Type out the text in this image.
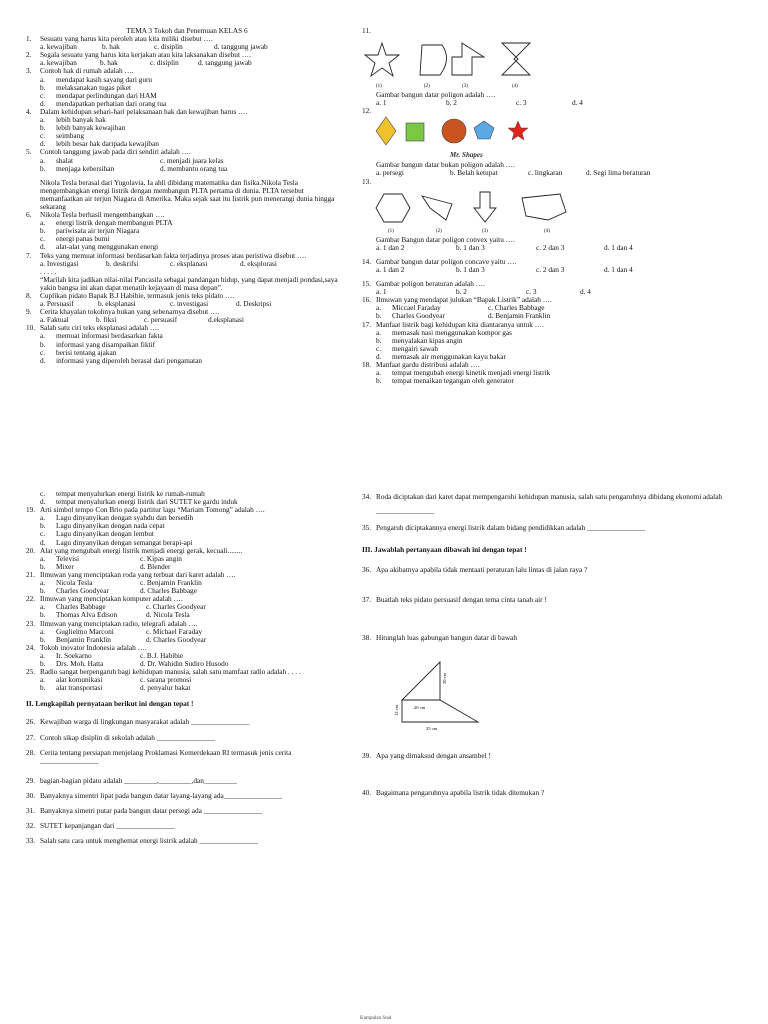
TEMA 3 Tokoh dan Penemuan KELAS 6
1.	Sesuatu yang harus kita peroleh atau kita miliki disebut ….
a. kewajiban	b. hak	c. disiplin	d. tanggung jawab
2.	Segala sesuatu yang harus kita kerjakan atau kita laksanakan disebut ….
a. kewajiban	b. hak	c. disiplin	d. tanggung jawab
3.	Contoh hak di rumah adalah ….
a.	mendapat kasih sayang dari guru
b.	melaksanakan tugas piket
c.	mendapat perlindungan dari HAM
d.	mendapatkan perhatian dari orang tua
4.	Dalam kehidupan sehari-hari pelaksanaan hak dan kewajiban harus ….
a.	lebih banyak hak
b.	lebih banyak kewajiban
c.	seimbang
d.	lebih besar hak daripada kewajiban
5.	Contoh tanggung jawab pada diri sendiri adalah ….
a.	shalat	c. menjadi juara kelas
b.	menjaga kebersihan	d. membantu orang tua
Nikola Tesla berasal dari Yugolavia, Ia ahli dibidang matematika dan fisika.Nikola Tesla mengembangkan energi listrik dengan membangun PLTA pertama di dunia. PLTA tersebut memanfaatkan air terjun Niagara di Amerika. Maka sejak saat itu listrik pun menerangi dunia hingga sekarang
6.	Nikola Tesla berhasil mengembangkan ….
a.	energi listrik dengan membangun PLTA
b.	pariwisata air terjun Niagara
c.	energi panas bumi
d.	alat-alat yang menggunakan energi
7.	Teks yang memuat informasi berdasarkan fakta terjadinya proses atau peristiwa disebut ….
a. Investigasi	b. deskrifsi	c. eksplanasi	d. eksplorasi
. . . . .
“Marilah kita jadikan nilai-nilai Pancasila sebagai pandangan hidup, yang dapat menjadi pondasi,saya yakin bangsa ini akan dapat menatih kejayaan di masa depan”.
8.	Cuplikan pidato Bapak B.J Habibie, termasuk jenis teks pidato ….
a. Persuasif	b. eksplanasi	c. investigasi	d. Deskripsi
9.	Cerita khayalan tokohnya bukan yang sebenarnya disebut ….
a. Faktual	b. fiksi	c. persuasif	d.eksplanasi
10. Salah satu ciri teks eksplanasi adalah ….
a.	memuat informasi berdasarkan fakta
b.	informasi yang disampaikan fiktif
c.	berisi tentang ajakan
d.	informasi yang diperoleh berasal dari pengamatan
11.
(1)	(2)	(3)	(4)
Gambar bangun datar poligon adalah ….
a. 1	b. 2	c. 3	d. 4
12.
Mr. Shapes
Gambar bangun datar bukan poligon adalah ….
a. persegi	b. Belah ketupat	c. lingkaran	d. Segi lima beraturan
13.
(1)	(2)	(3)	(4)
Gambar Bangun datar poligon convex yaitu ….
a. 1 dan 2	b. 1 dan 3	c. 2 dan 3	d. 1 dan 4
14. Gambar bangun datar poligon concave yaitu ….
a. 1 dan 2	b. 1 dan 3	c. 2 dan 3	d. 1 dan 4
15. Gambar poligon beraturan adalah ….
a. 1	b. 2	c. 3	d. 4
16. Ilmuwan yang mendapat julukan “Bapak Listrik” adalah ….
a.	Miccael Faraday	c. Charles Babbage
b.	Charles Goodyear	d. Benjamin Franklin
17. Manfaat listrik bagi kehidupan kita diantaranya untuk ….
a.	memasak nasi menggunakan kompor gas
b.	menyalakan kipas angin
c.	mengairi sawah
d.	memasak air menggunakan kayu bakar
18. Manfaat gardu distribusi adalah ….
a.	tempat mengubah energi kinetik menjadi energi listrik
b.	tempat menaikan tegangan oleh generator
c.	tempat menyalurkan energi listrik ke rumah-rumah
d.	tempat menyalurkan energi listrik dari SUTET ke gardu induk
19. Arti simbol tempo Con Brio pada partitur lagu “Mariam Tomong” adalah ….
a.	Lagu dinyanyikan dengan syahdu dan bersedih
b.	Lagu dinyanyikan dengan nada cepat
c.	Lagu dinyanyikan dengan lembut
d.	Lagu dinyanyikan dengan semangat berapi-api
20. Alat yang mengubah energi listrik menjadi energi gerak, kecuali........
a.	Televisi	c. Kipas angin
b.	Mixer	d. Blender
21. Ilmuwan yang menciptakan roda yang terbuat dari karet adalah ….
a.	Nicola Tesla	c. Benjamin Franklin
b.	Charles Goodyear	d. Charles Babbage
22. Ilmuwan yang menciptakan komputer adalah ….
a.	Charles Babbage	c. Charles Goodyear
b.	Thomas Alva Edison	d. Nicola Tesla
23. Ilmuwan yang menciptakan radio, telegrafi adalah ….
a.	Guglielmo Marconi	c. Michael Faraday
b.	Benjamin Franklin	d. Charles Goodyear
24. Tokoh inovator Indonesia adalah ….
a.	Ir. Soekarno	c. B.J. Habibie
b.	Drs. Moh. Hatta	d. Dr. Wahidin Sudiro Husodo
25. Radio sangat berpengaruh bagi kehidupan manusia, salah satu mamfaat radio adalah . . . .
a.	alat komunikasi	c. sarana promosi
b.	alat transportasi	d. penyalur bakat
II. Lengkapilah pernyataan berikut ini dengan tepat !
26. Kewajiban warga di lingkungan masyarakat adalah ________________
27. Contoh sikap disiplin di sekolah adalah ________________
28. Cerita tentang persiapan menjelang Proklamasi Kemerdekaan RI termasuk jenis cerita ________________
29. bagian-bagian pidato adalah _________,_________,dan_________
30. Banyaknya simentri lipat pada bangun datar layang-layang ada________________
31. Banyaknya simetri putar pada bangun datar persegi ada ________________
32. SUTET kepanjangan dari ________________
33. Salah satu cara untuk menghemat energi listrik adalah ________________
34. Roda diciptakan dari karet dapat mempengaruhi kehidupan manusia, salah satu pengaruhnya dibidang ekonomi adalah ________________
35. Pengaruh diciptakannya energi listrik dalam bidang pendidikkan adalah ________________
III. Jawablah pertanyaan dibawah ini dengan tepat !
36. Apa akibatnya apabila tidak mentaati peraturan lalu lintas di jalan raya ?
37. Buatlah teks pidato persuasif dengan tema cinta tanah air !
38. Hitunglah luas gabungan bangun datar di bawah
20 cm
12 cm	20 cm
25 cm
39. Apa yang dimaksud dengan ansambel !
40. Bagaimana pengaruhnya apabila listrik tidak ditemukan ?
Kumpulan Soal
